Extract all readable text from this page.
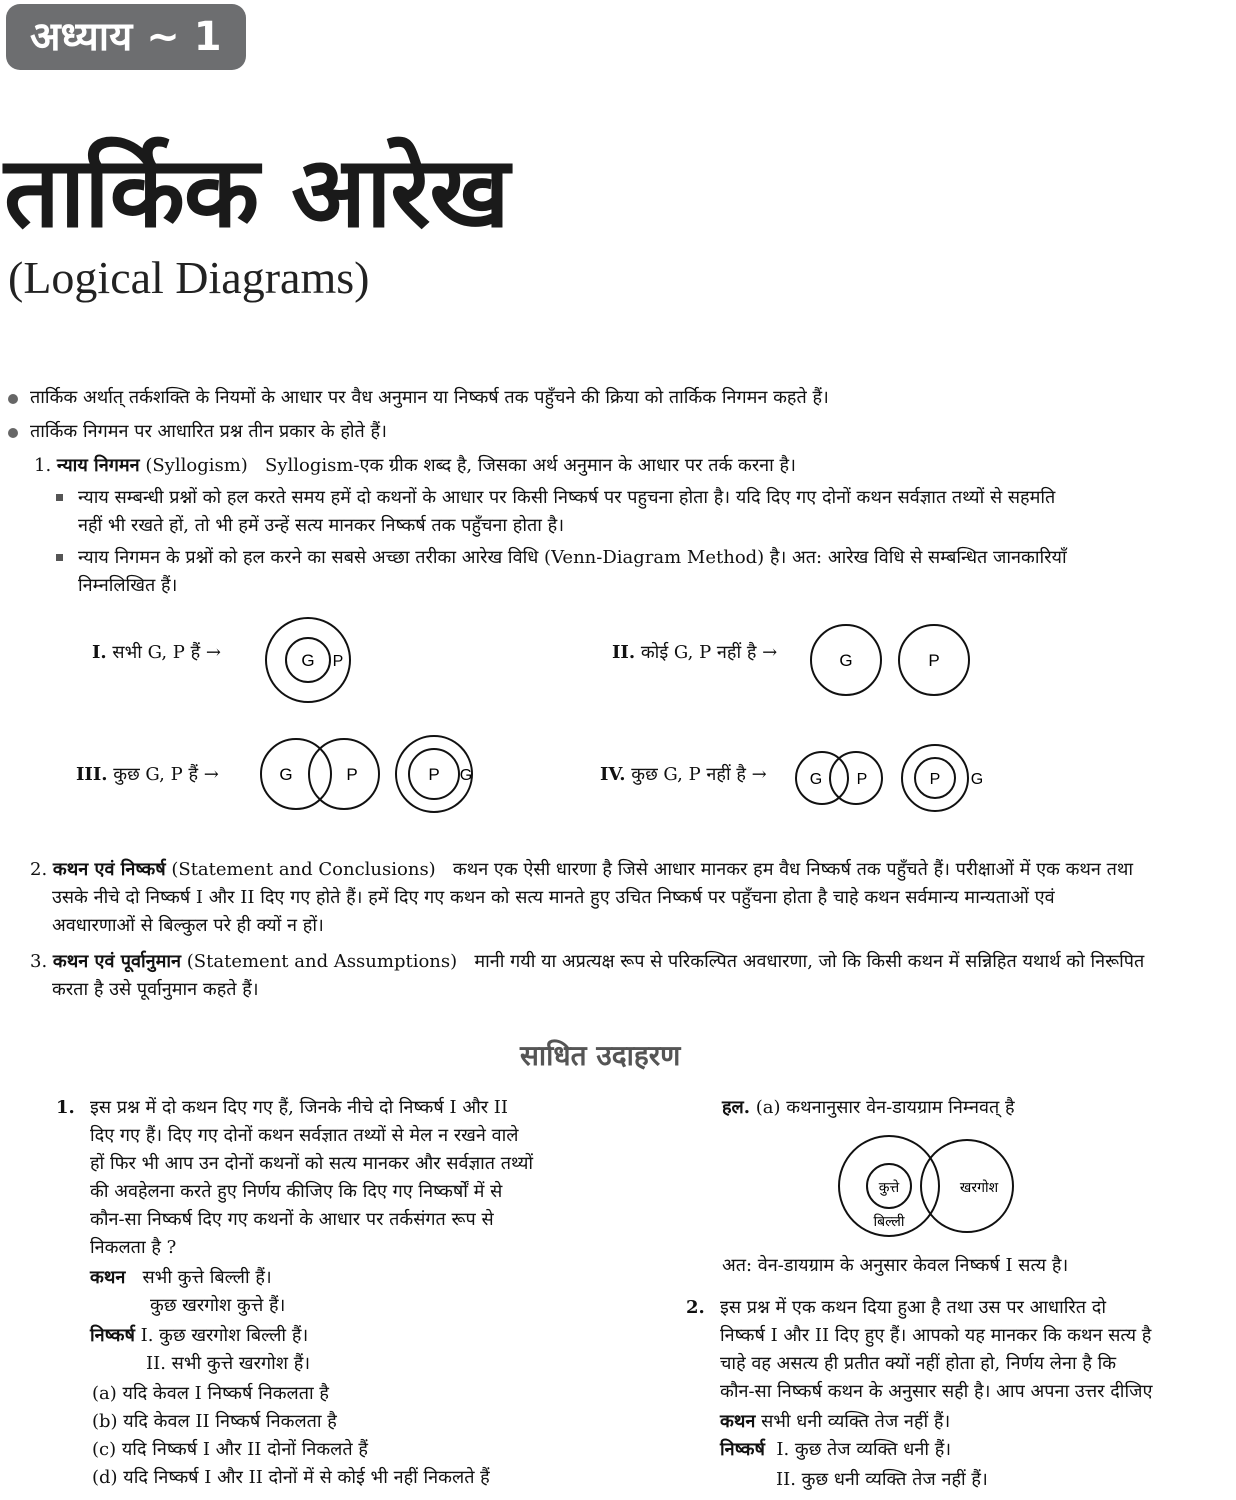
अध्याय ~ 1
तार्किक आरेख
(Logical Diagrams)
तार्किक अर्थात् तर्कशक्ति के नियमों के आधार पर वैध अनुमान या निष्कर्ष तक पहुँचने की क्रिया को तार्किक निगमन कहते हैं।
तार्किक निगमन पर आधारित प्रश्न तीन प्रकार के होते हैं।
1. न्याय निगमन (Syllogism) Syllogism-एक ग्रीक शब्द है, जिसका अर्थ अनुमान के आधार पर तर्क करना है।
न्याय सम्बन्धी प्रश्नों को हल करते समय हमें दो कथनों के आधार पर किसी निष्कर्ष पर पहुचना होता है। यदि दिए गए दोनों कथन सर्वज्ञात तथ्यों से सहमति
नहीं भी रखते हों, तो भी हमें उन्हें सत्य मानकर निष्कर्ष तक पहुँचना होता है।
न्याय निगमन के प्रश्नों को हल करने का सबसे अच्छा तरीका आरेख विधि (Venn-Diagram Method) है। अत: आरेख विधि से सम्बन्धित जानकारियाँ
निम्नलिखित हैं।
I. सभी G, P हैं →	G P	II. कोई G, P नहीं है →	G	P
III. कुछ G, P हैं →	G	P	P G	IV. कुछ G, P नहीं है →	G P	P G
2. कथन एवं निष्कर्ष (Statement and Conclusions) कथन एक ऐसी धारणा है जिसे आधार मानकर हम वैध निष्कर्ष तक पहुँचते हैं। परीक्षाओं में एक कथन तथा
उसके नीचे दो निष्कर्ष I और II दिए गए होते हैं। हमें दिए गए कथन को सत्य मानते हुए उचित निष्कर्ष पर पहुँचना होता है चाहे कथन सर्वमान्य मान्यताओं एवं
अवधारणाओं से बिल्कुल परे ही क्यों न हों।
3. कथन एवं पूर्वानुमान (Statement and Assumptions) मानी गयी या अप्रत्यक्ष रूप से परिकल्पित अवधारणा, जो कि किसी कथन में सन्निहित यथार्थ को निरूपित
करता है उसे पूर्वानुमान कहते हैं।
साधित उदाहरण
1. इस प्रश्न में दो कथन दिए गए हैं, जिनके नीचे दो निष्कर्ष I और II
दिए गए हैं। दिए गए दोनों कथन सर्वज्ञात तथ्यों से मेल न रखने वाले
हों फिर भी आप उन दोनों कथनों को सत्य मानकर और सर्वज्ञात तथ्यों
की अवहेलना करते हुए निर्णय कीजिए कि दिए गए निष्कर्षों में से
कौन-सा निष्कर्ष दिए गए कथनों के आधार पर तर्कसंगत रूप से
निकलता है ?
कथन सभी कुत्ते बिल्ली हैं।
कुछ खरगोश कुत्ते हैं।
निष्कर्ष I. कुछ खरगोश बिल्ली हैं।
II. सभी कुत्ते खरगोश हैं।
(a) यदि केवल I निष्कर्ष निकलता है
(b) यदि केवल II निष्कर्ष निकलता है
(c) यदि निष्कर्ष I और II दोनों निकलते हैं
(d) यदि निष्कर्ष I और II दोनों में से कोई भी नहीं निकलते हैं
हल. (a) कथनानुसार वेन-डायग्राम निम्नवत् है
कुत्ते
बिल्ली
खरगोश
अत: वेन-डायग्राम के अनुसार केवल निष्कर्ष I सत्य है।
2. इस प्रश्न में एक कथन दिया हुआ है तथा उस पर आधारित दो
निष्कर्ष I और II दिए हुए हैं। आपको यह मानकर कि कथन सत्य है
चाहे वह असत्य ही प्रतीत क्यों नहीं होता हो, निर्णय लेना है कि
कौन-सा निष्कर्ष कथन के अनुसार सही है। आप अपना उत्तर दीजिए
कथन सभी धनी व्यक्ति तेज नहीं हैं।
निष्कर्ष I. कुछ तेज व्यक्ति धनी हैं।
II. कुछ धनी व्यक्ति तेज नहीं हैं।
